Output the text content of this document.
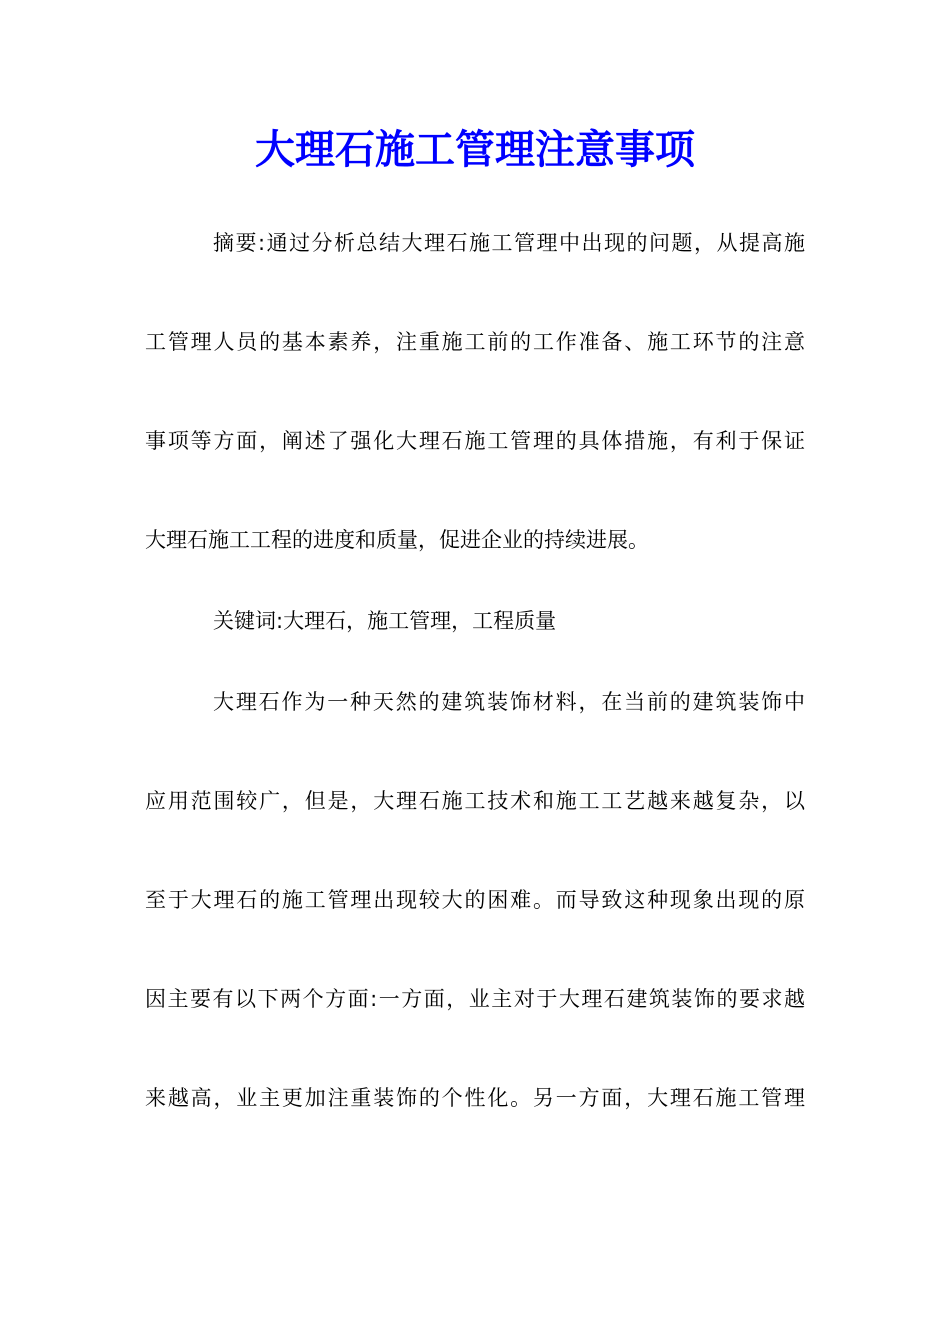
大理石施工管理注意事项
摘要:通过分析总结大理石施工管理中出现的问题，从提高施
工管理人员的基本素养，注重施工前的工作准备、施工环节的注意
事项等方面，阐述了强化大理石施工管理的具体措施，有利于保证
大理石施工工程的进度和质量，促进企业的持续进展。
关键词:大理石，施工管理，工程质量
大理石作为一种天然的建筑装饰材料，在当前的建筑装饰中
应用范围较广，但是，大理石施工技术和施工工艺越来越复杂，以
至于大理石的施工管理出现较大的困难。而导致这种现象出现的原
因主要有以下两个方面:一方面，业主对于大理石建筑装饰的要求越
来越高，业主更加注重装饰的个性化。另一方面，大理石施工管理
